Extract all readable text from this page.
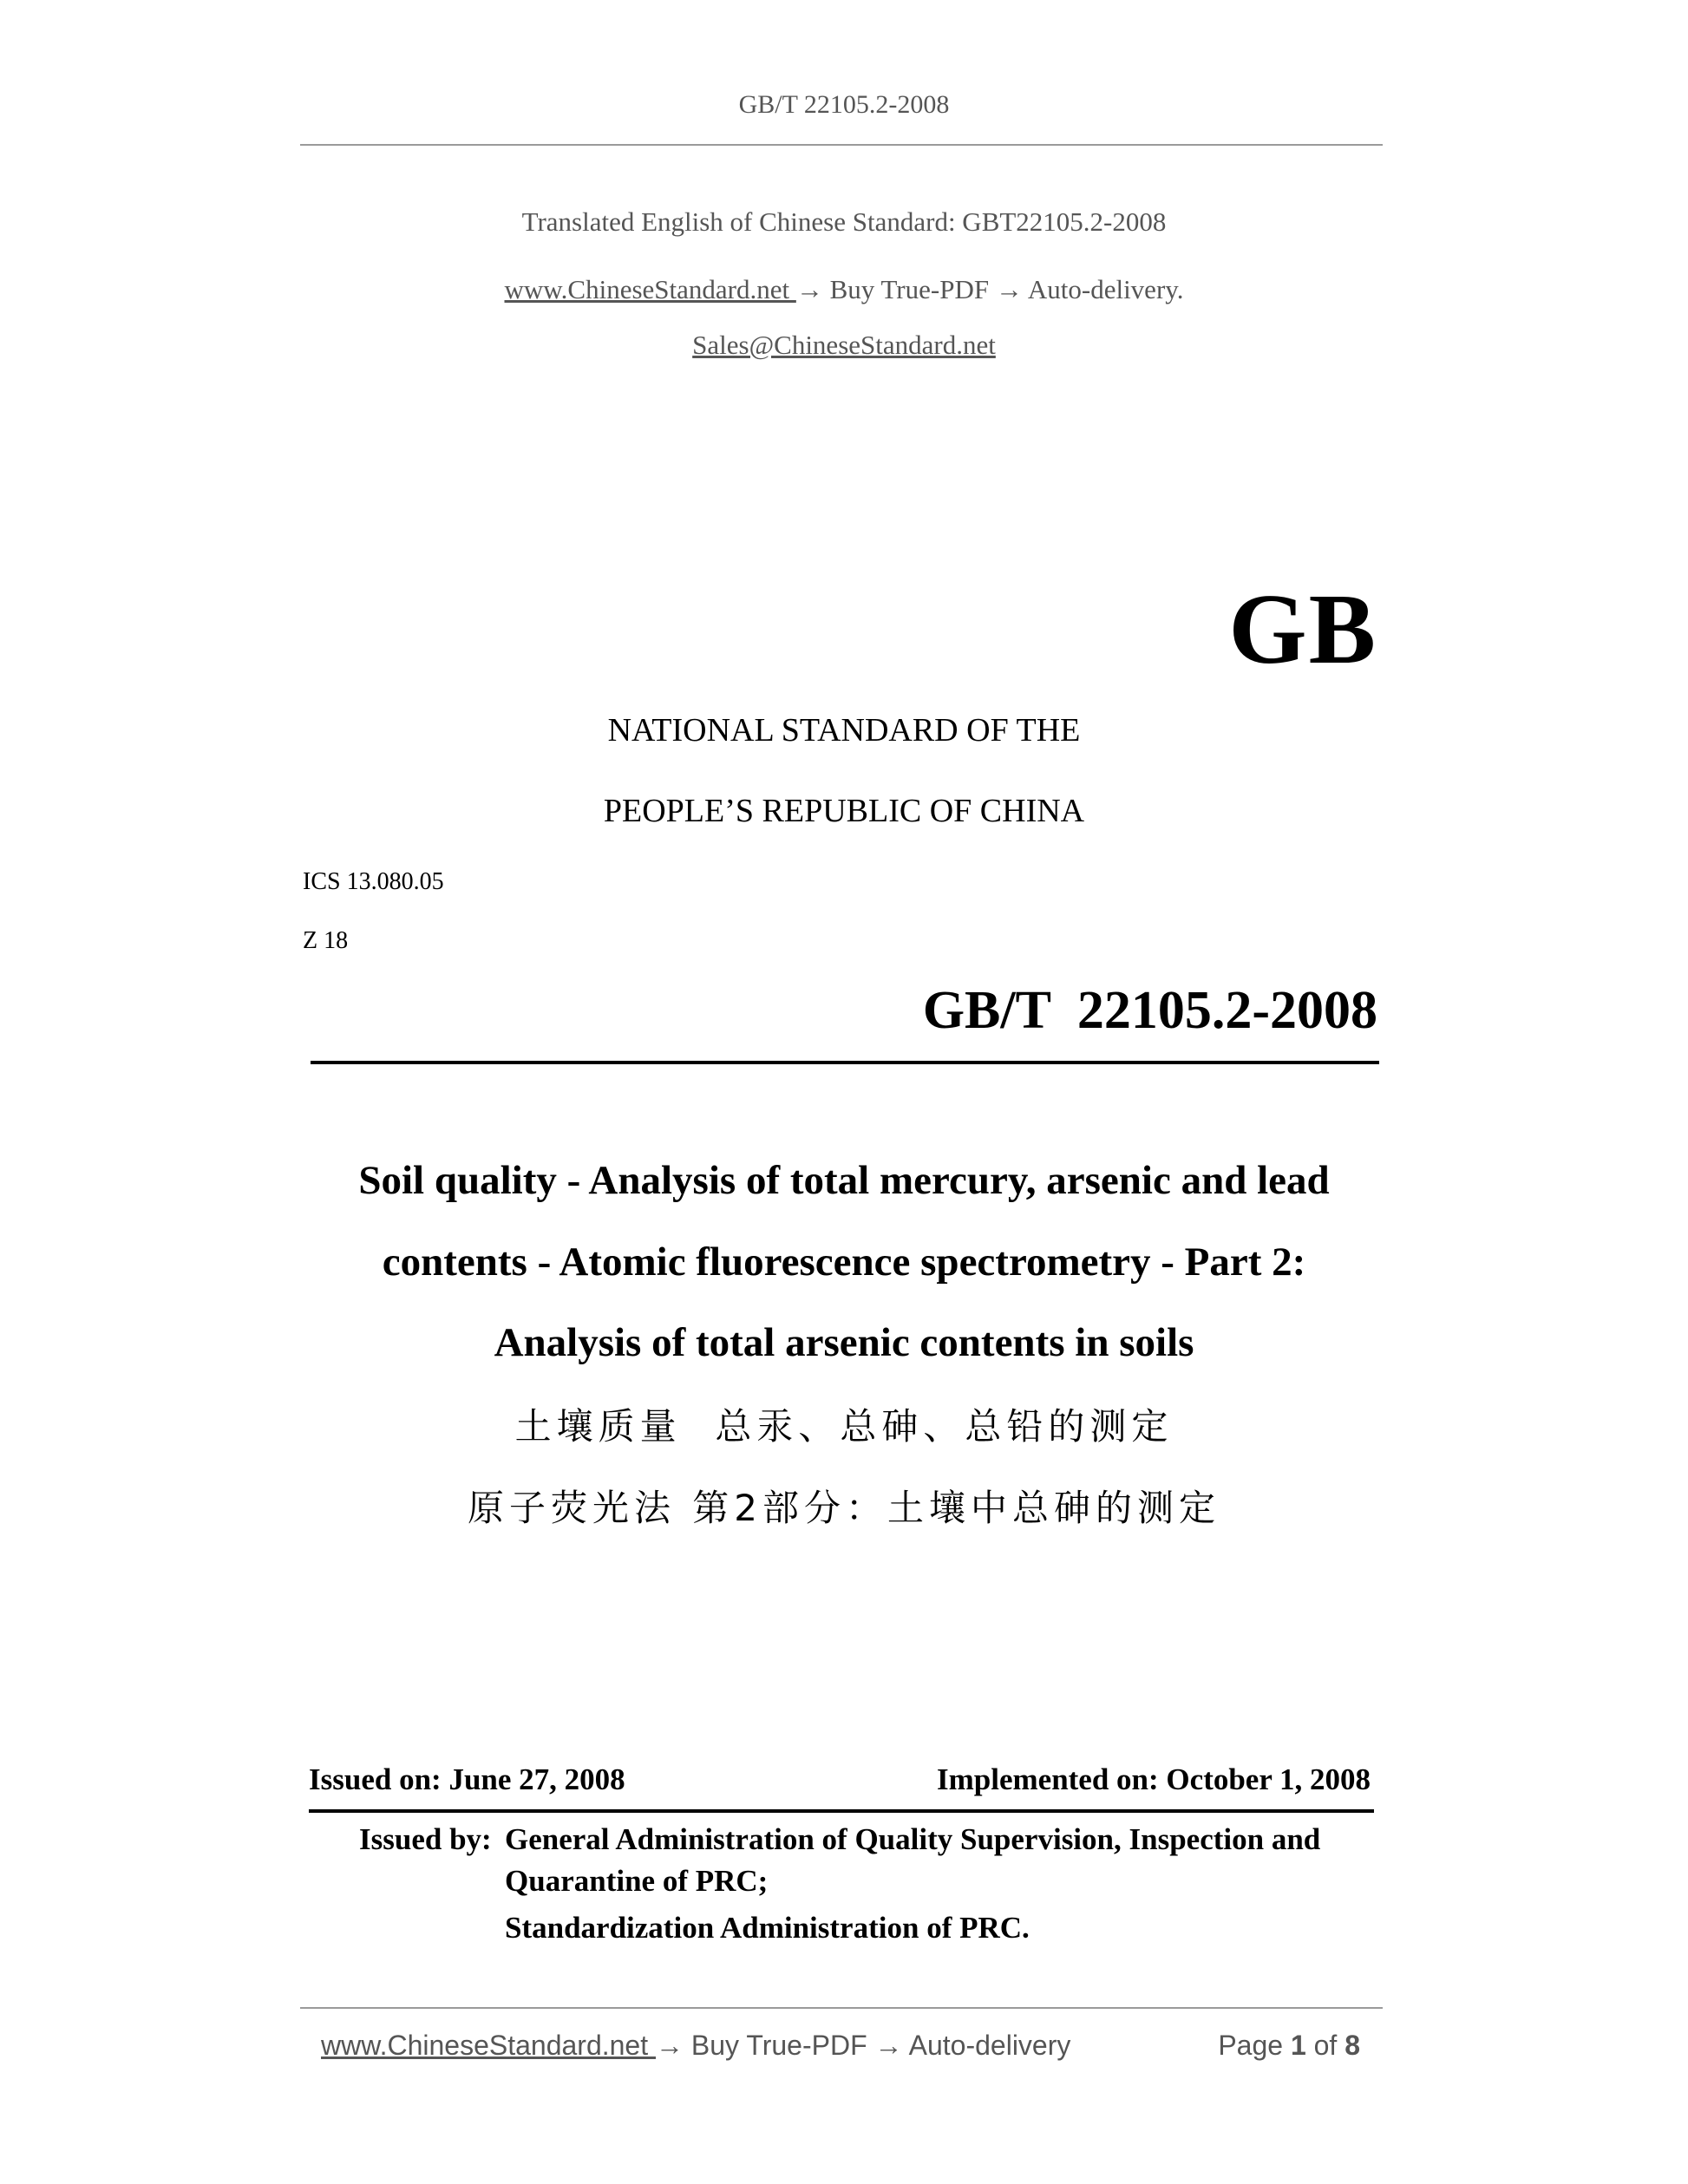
GB/T 22105.2-2008
Translated English of Chinese Standard: GBT22105.2-2008
www.ChineseStandard.net → Buy True-PDF → Auto-delivery.
Sales@ChineseStandard.net
GB
NATIONAL STANDARD OF THE
PEOPLE’S REPUBLIC OF CHINA
ICS 13.080.05
Z 18
GB/T  22105.2-2008
Soil quality - Analysis of total mercury, arsenic and lead
contents - Atomic fluorescence spectrometry - Part 2:
Analysis of total arsenic contents in soils
土壤质量  总汞、总砷、总铅的测定
原子荧光法 第2部分：土壤中总砷的测定
Issued on: June 27, 2008	Implemented on: October 1, 2008
Issued by: General Administration of Quality Supervision, Inspection and
Quarantine of PRC;
Standardization Administration of PRC.
www.ChineseStandard.net → Buy True-PDF → Auto-delivery	Page 1 of 8
